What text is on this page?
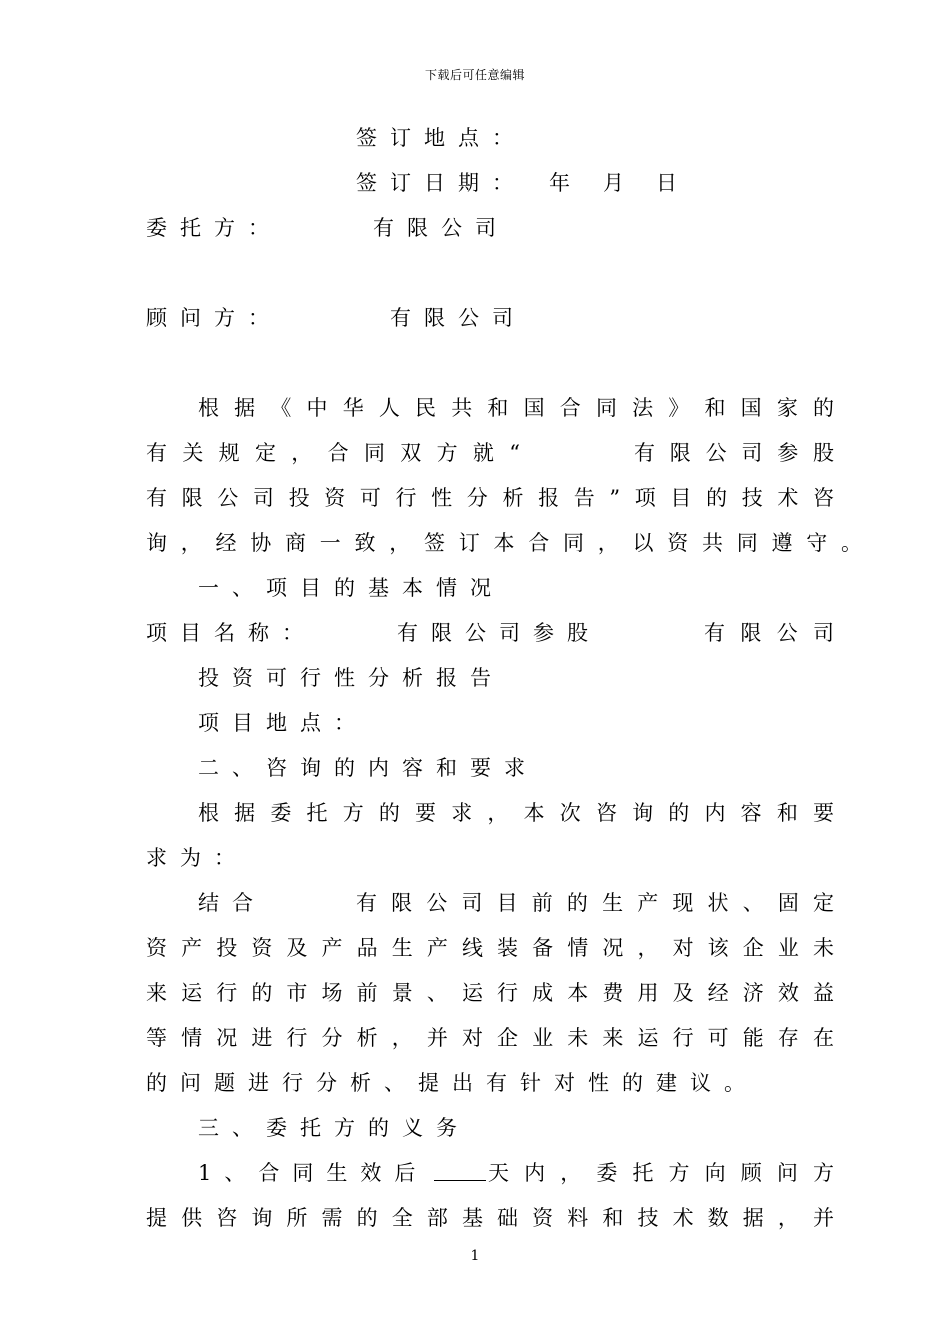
下载后可任意编辑
签订地点：
签订日期： 年 月 日
委托方：	有限公司
顾问方：	有限公司
根据《中华人民共和国合同法》和国家的
有关规定，合同双方就“	有限公司参股
有限公司投资可行性分析报告”项目的技术咨
询，经协商一致，签订本合同，以资共同遵守。
一、项目的基本情况
项目名称：	有限公司参股	有限公司
投资可行性分析报告
项目地点：
二、咨询的内容和要求
根据委托方的要求，本次咨询的内容和要
求为：
结合	有限公司目前的生产现状、固定
资产投资及产品生产线装备情况，对该企业未
来运行的市场前景、运行成本费用及经济效益
等情况进行分析，并对企业未来运行可能存在
的问题进行分析、提出有针对性的建议。
三、委托方的义务
1、合同生效后	天内，委托方向顾问方
提供咨询所需的全部基础资料和技术数据，并
1
